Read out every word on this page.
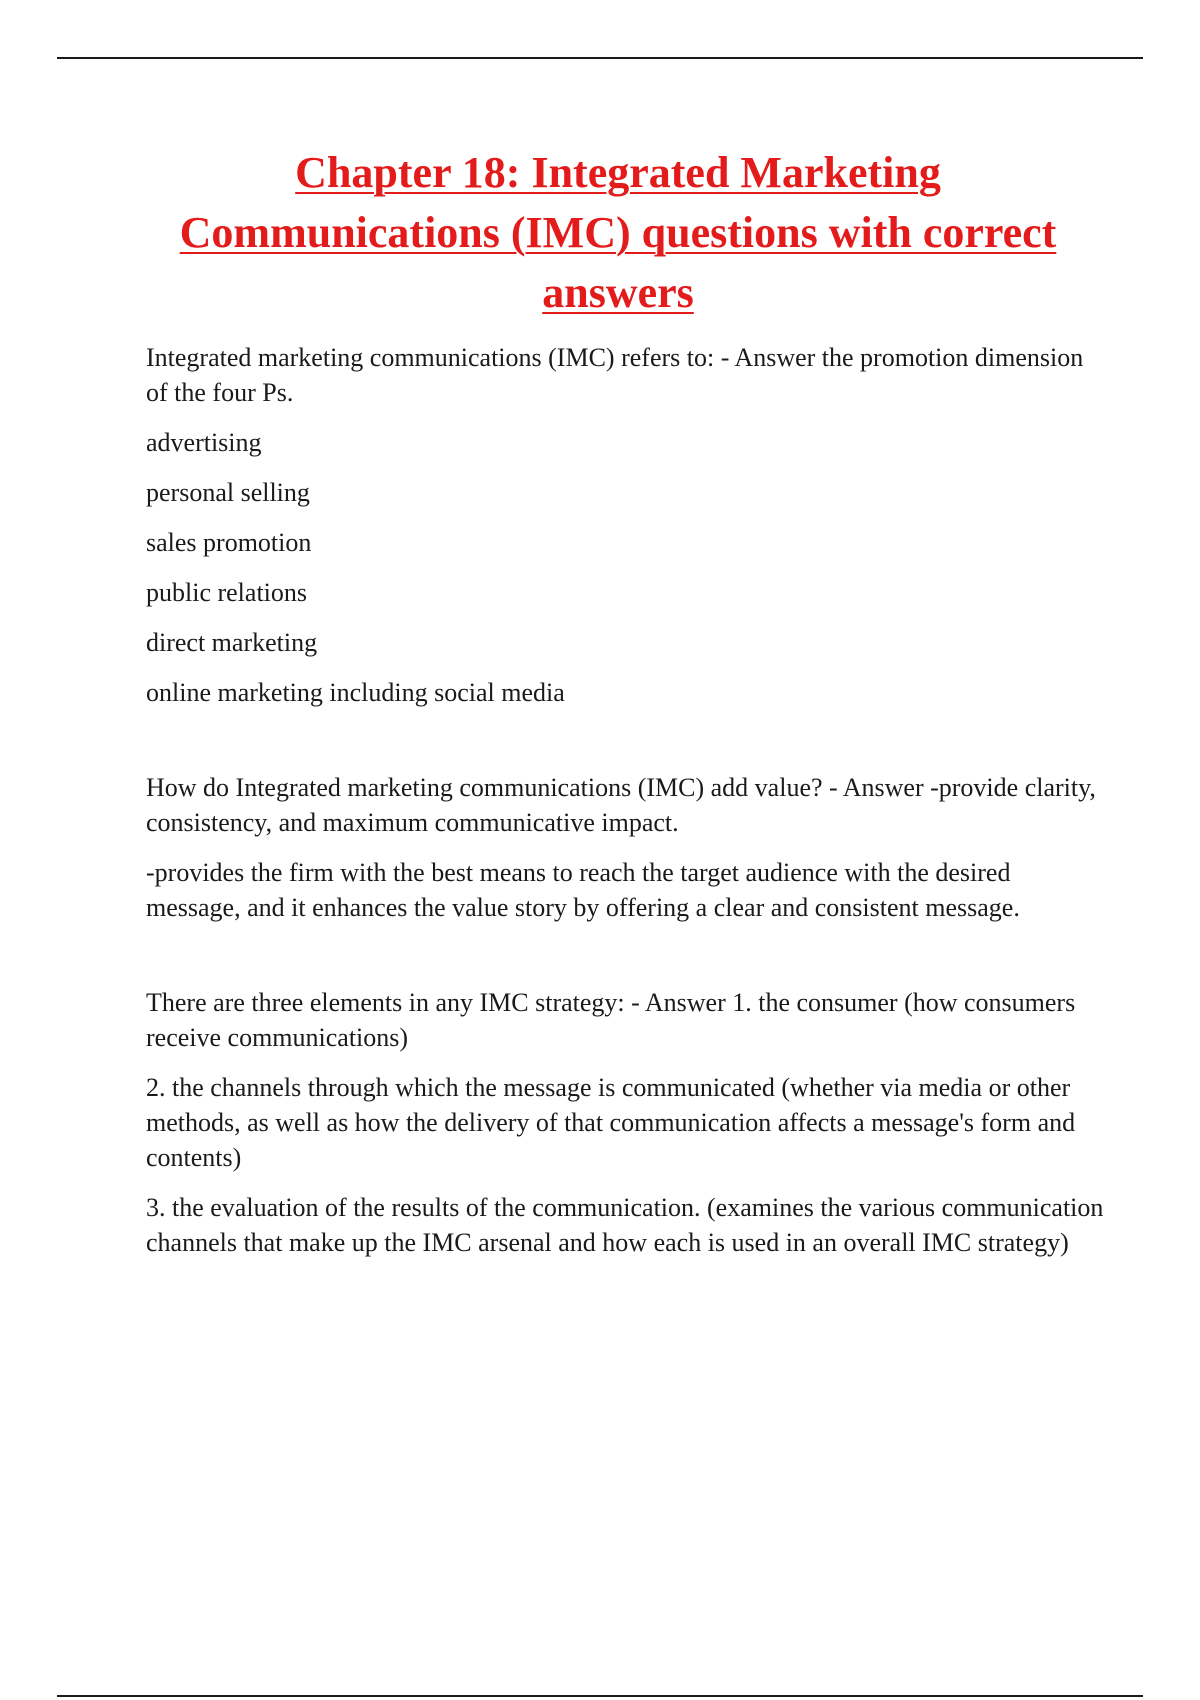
Chapter 18: Integrated Marketing Communications (IMC) questions with correct answers

Integrated marketing communications (IMC) refers to: - Answer the promotion dimension of the four Ps.

advertising

personal selling

sales promotion

public relations

direct marketing

online marketing including social media

How do Integrated marketing communications (IMC) add value? - Answer -provide clarity, consistency, and maximum communicative impact.

-provides the firm with the best means to reach the target audience with the desired message, and it enhances the value story by offering a clear and consistent message.

There are three elements in any IMC strategy: - Answer 1. the consumer (how consumers receive communications)

2. the channels through which the message is communicated (whether via media or other methods, as well as how the delivery of that communication affects a message's form and contents)

3. the evaluation of the results of the communication. (examines the various communication channels that make up the IMC arsenal and how each is used in an overall IMC strategy)
